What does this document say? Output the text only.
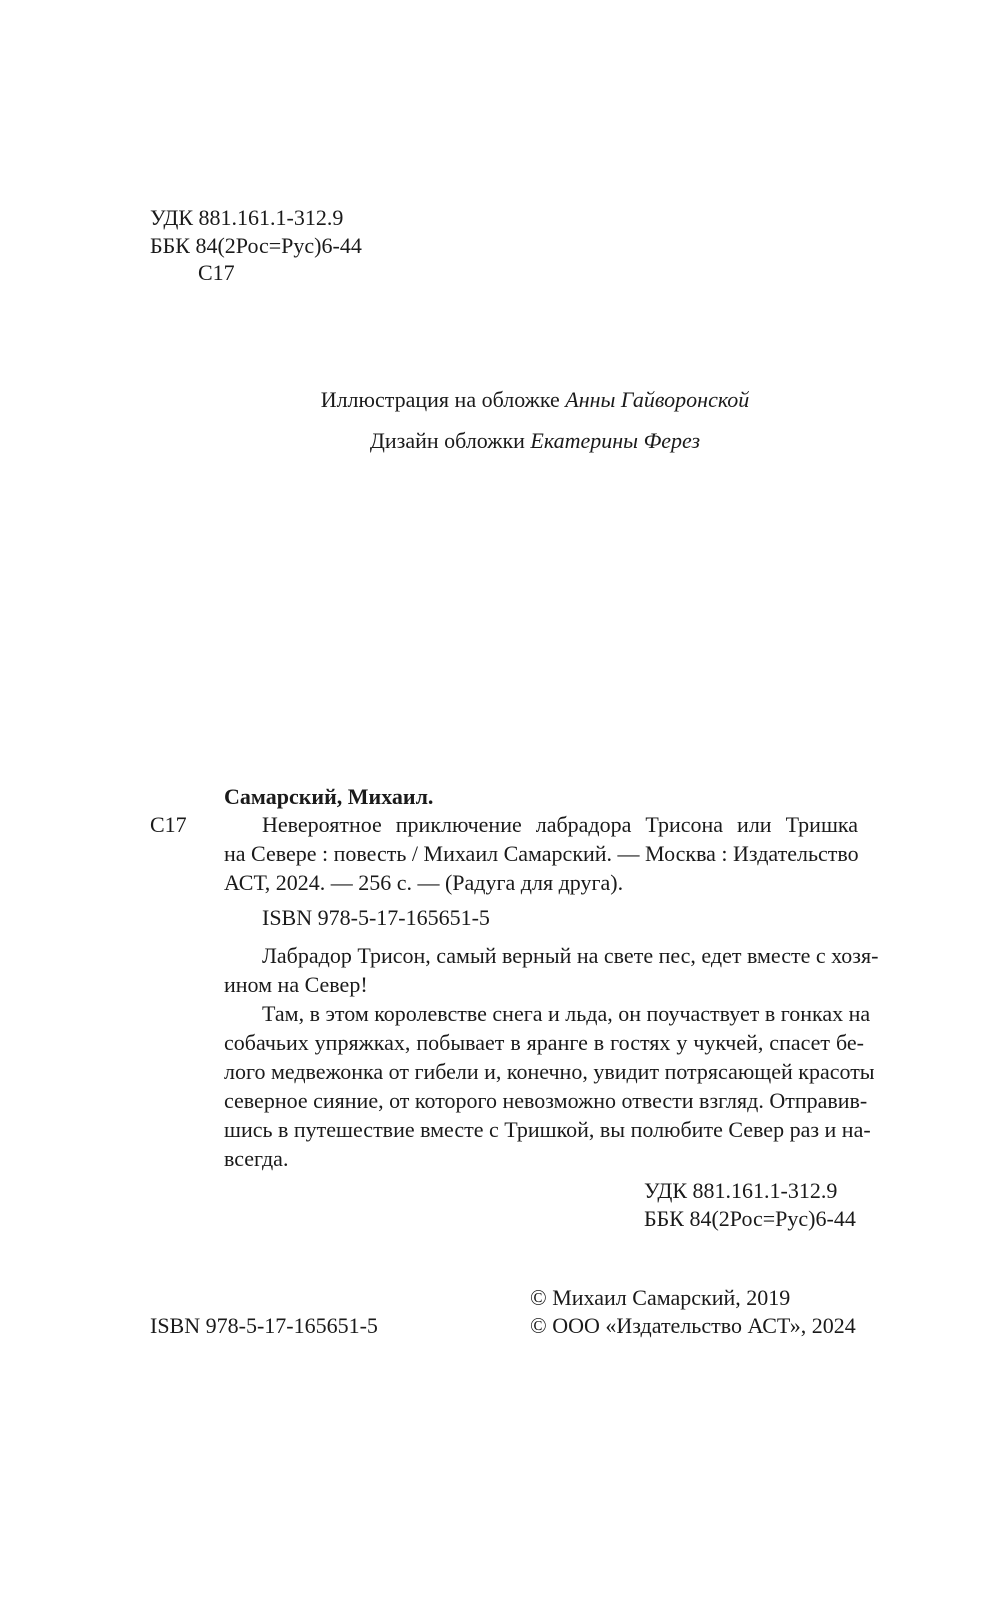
УДК 881.161.1-312.9

ББК 84(2Рос=Рус)6-44

С17

Иллюстрация на обложке Анны Гайворонской
Дизайн обложки Екатерины Ферез

Самарский, Михаил.

С17	Невероятное приключение лабрадора Трисона или Тришка
на Севере : повесть / Михаил Самарский. — Москва : Издательство
АСТ, 2024. — 256 с. — (Радуга для друга).

ISBN 978-5-17-165651-5

Лабрадор Трисон, самый верный на свете пес, едет вместе с хозя-
ином на Север!
Там, в этом королевстве снега и льда, он поучаствует в гонках на
собачьих упряжках, побывает в яранге в гостях у чукчей, спасет бе-
лого медвежонка от гибели и, конечно, увидит потрясающей красоты
северное сияние, от которого невозможно отвести взгляд. Отправив-
шись в путешествие вместе с Тришкой, вы полюбите Север раз и на-
всегда.

УДК 881.161.1-312.9

ББК 84(2Рос=Рус)6-44

© Михаил Самарский, 2019

ISBN 978-5-17-165651-5	© ООО «Издательство АСТ», 2024
